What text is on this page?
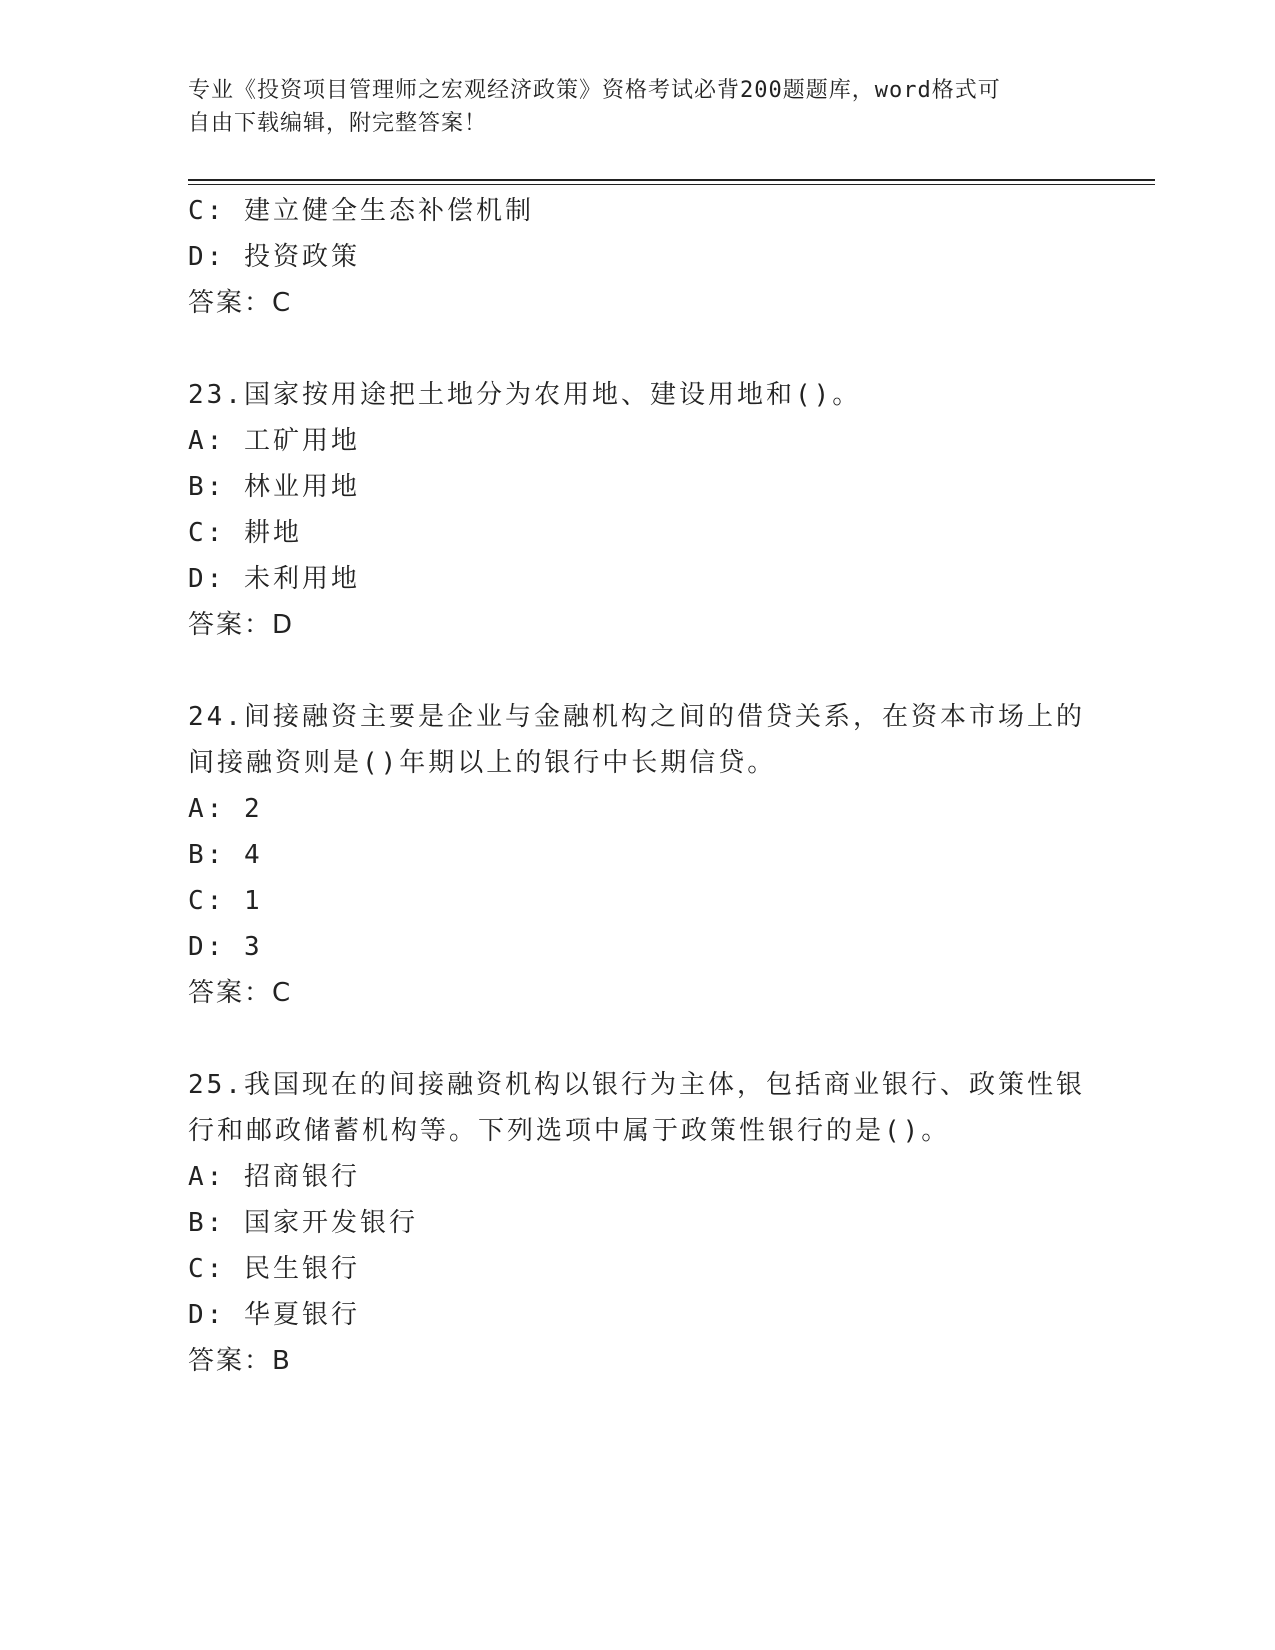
专业《投资项目管理师之宏观经济政策》资格考试必背200题题库，word格式可
自由下载编辑，附完整答案！
C: 建立健全生态补偿机制
D: 投资政策
答案：C
23.国家按用途把土地分为农用地、建设用地和()。
A: 工矿用地
B: 林业用地
C: 耕地
D: 未利用地
答案：D
24.间接融资主要是企业与金融机构之间的借贷关系，在资本市场上的
间接融资则是()年期以上的银行中长期信贷。
A: 2
B: 4
C: 1
D: 3
答案：C
25.我国现在的间接融资机构以银行为主体，包括商业银行、政策性银
行和邮政储蓄机构等。下列选项中属于政策性银行的是()。
A: 招商银行
B: 国家开发银行
C: 民生银行
D: 华夏银行
答案：B
